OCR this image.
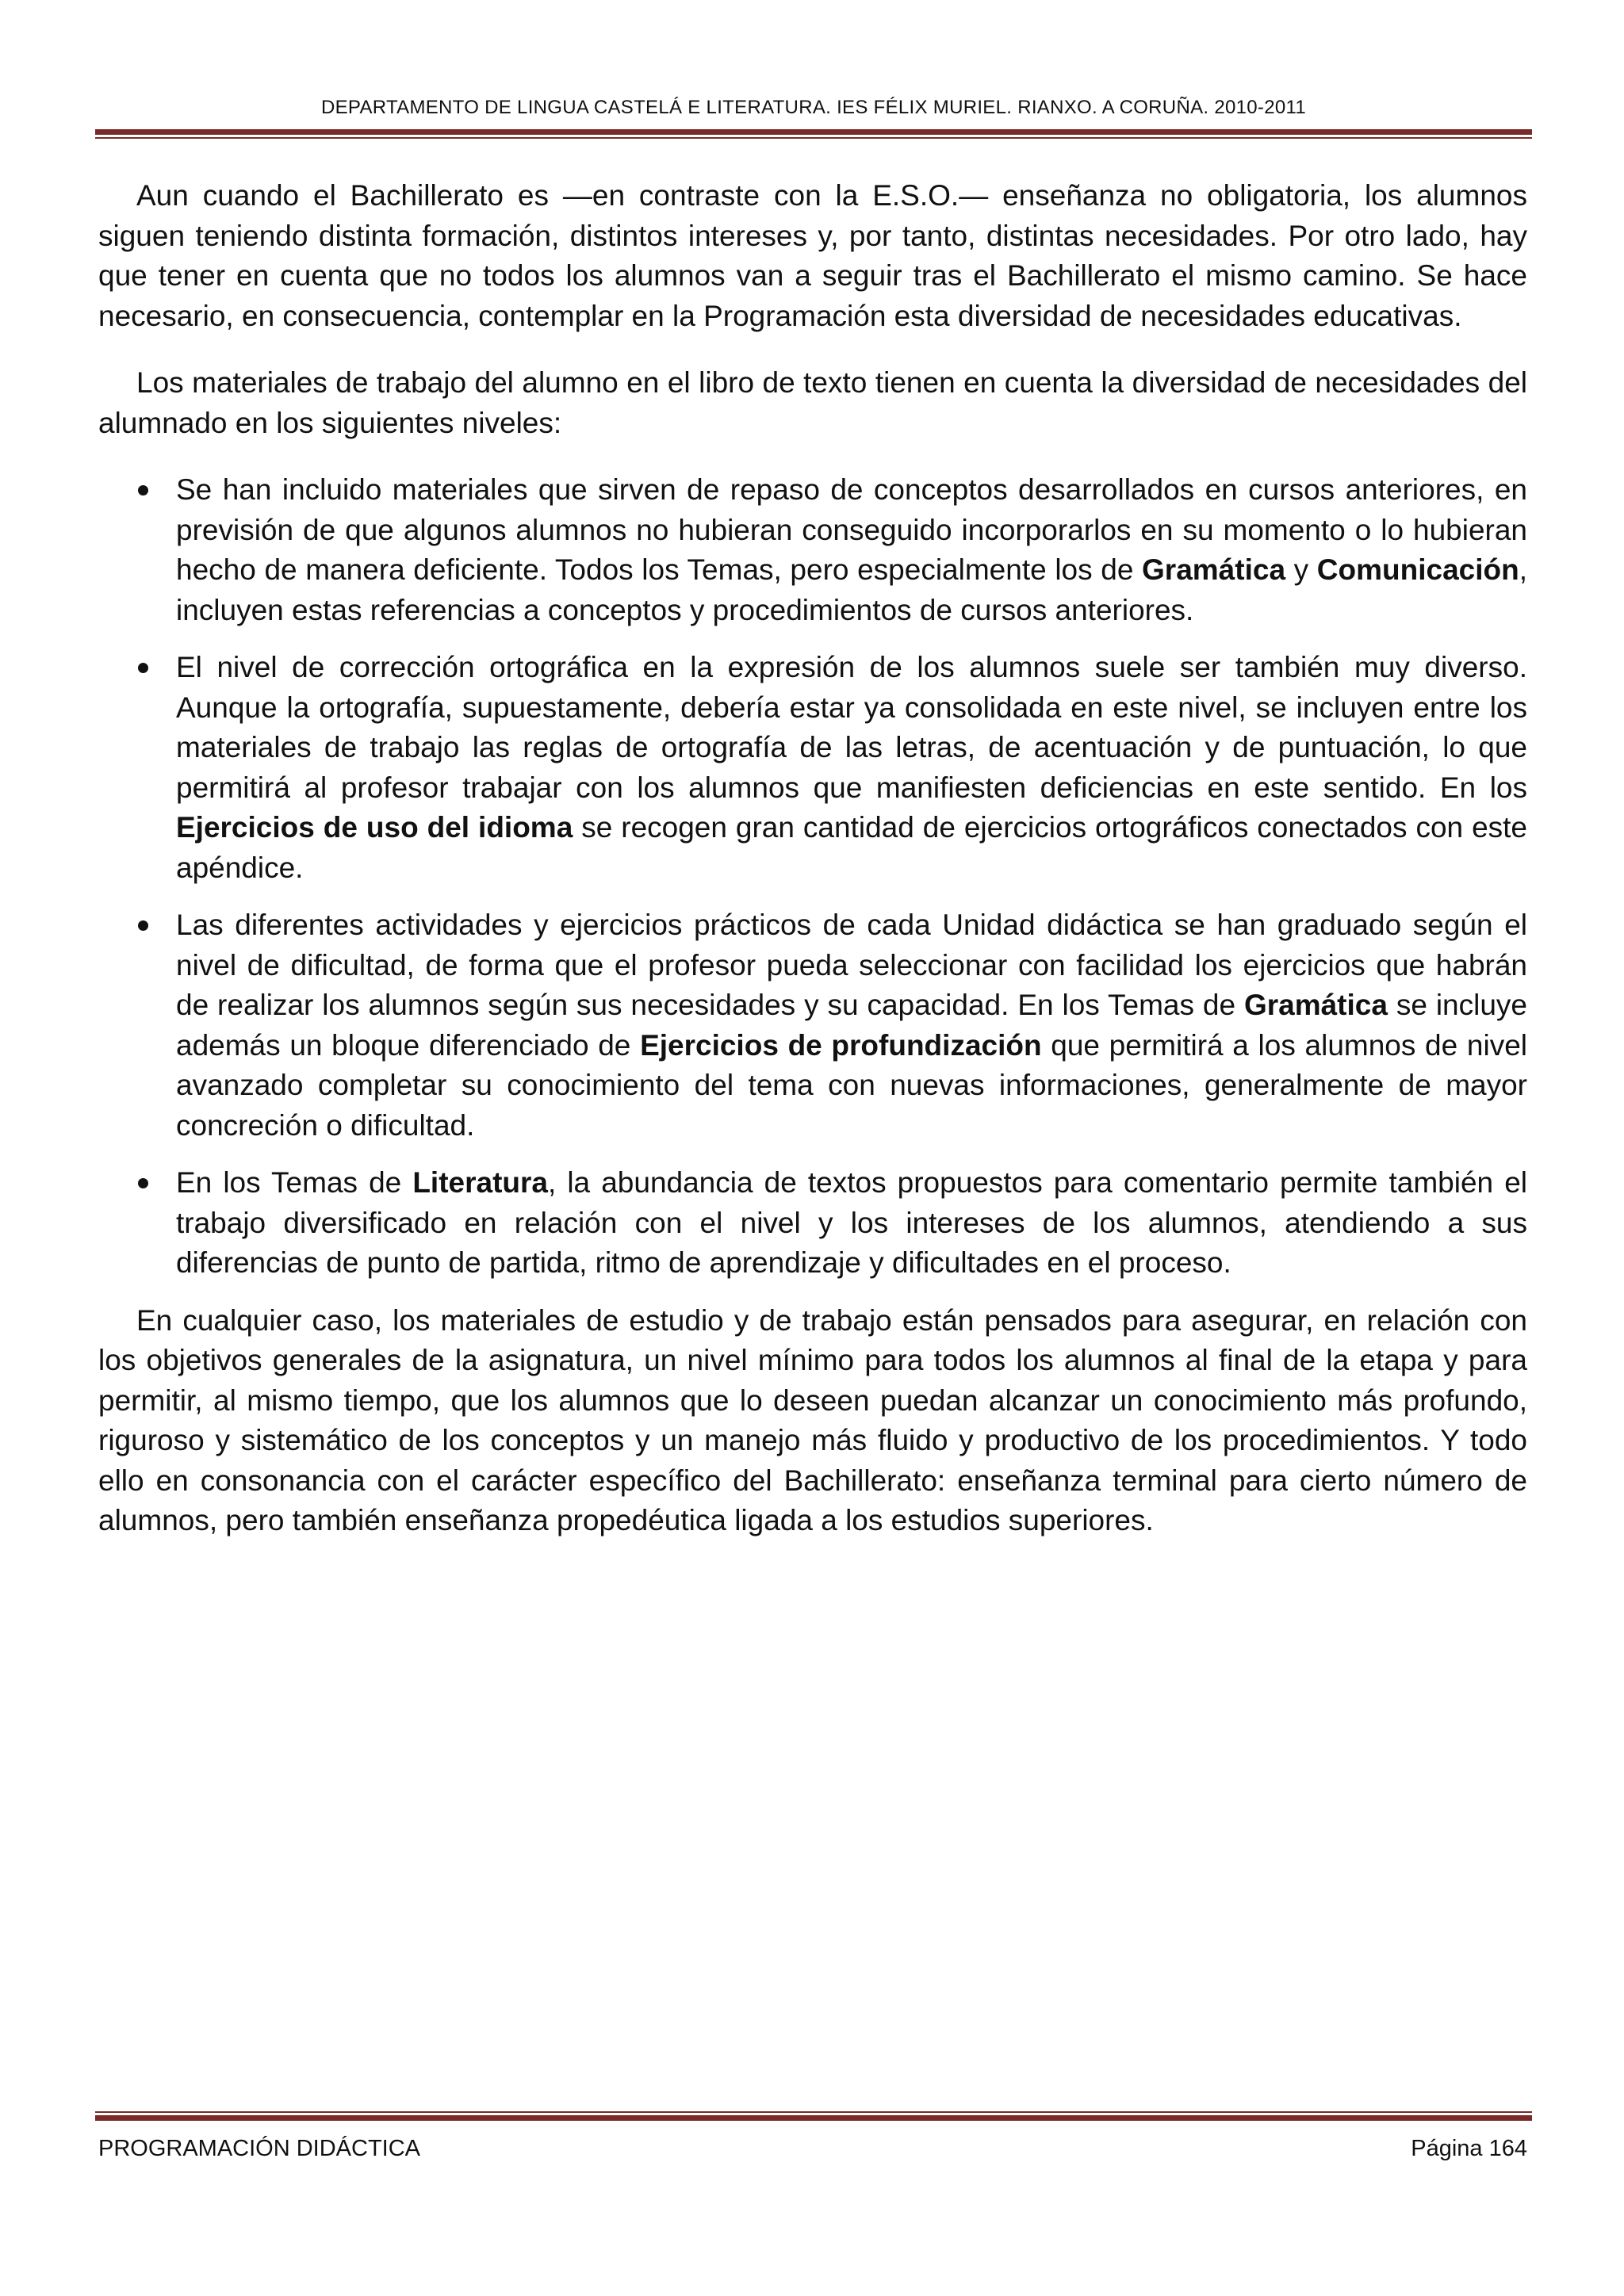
DEPARTAMENTO DE LINGUA CASTELÁ E LITERATURA. IES FÉLIX MURIEL. RIANXO. A CORUÑA. 2010-2011

Aun cuando el Bachillerato es —en contraste con la E.S.O.— enseñanza no obligatoria, los alumnos siguen teniendo distinta formación, distintos intereses y, por tanto, distintas necesidades. Por otro lado, hay que tener en cuenta que no todos los alumnos van a seguir tras el Bachillerato el mismo camino. Se hace necesario, en consecuencia, contemplar en la Programación esta diversidad de necesidades educativas.

Los materiales de trabajo del alumno en el libro de texto tienen en cuenta la diversidad de necesidades del alumnado en los siguientes niveles:

Se han incluido materiales que sirven de repaso de conceptos desarrollados en cursos anteriores, en previsión de que algunos alumnos no hubieran conseguido incorporarlos en su momento o lo hubieran hecho de manera deficiente. Todos los Temas, pero especialmente los de Gramática y Comunicación, incluyen estas referencias a conceptos y procedimientos de cursos anteriores.
El nivel de corrección ortográfica en la expresión de los alumnos suele ser también muy diverso. Aunque la ortografía, supuestamente, debería estar ya consolidada en este nivel, se incluyen entre los materiales de trabajo las reglas de ortografía de las letras, de acentuación y de puntuación, lo que permitirá al profesor trabajar con los alumnos que manifiesten deficiencias en este sentido. En los Ejercicios de uso del idioma se recogen gran cantidad de ejercicios ortográficos conectados con este apéndice.
Las diferentes actividades y ejercicios prácticos de cada Unidad didáctica se han graduado según el nivel de dificultad, de forma que el profesor pueda seleccionar con facilidad los ejercicios que habrán de realizar los alumnos según sus necesidades y su capacidad. En los Temas de Gramática se incluye además un bloque diferenciado de Ejercicios de profundización que permitirá a los alumnos de nivel avanzado completar su conocimiento del tema con nuevas informaciones, generalmente de mayor concreción o dificultad.
En los Temas de Literatura, la abundancia de textos propuestos para comentario permite también el trabajo diversificado en relación con el nivel y los intereses de los alumnos, atendiendo a sus diferencias de punto de partida, ritmo de aprendizaje y dificultades en el proceso.

En cualquier caso, los materiales de estudio y de trabajo están pensados para asegurar, en relación con los objetivos generales de la asignatura, un nivel mínimo para todos los alumnos al final de la etapa y para permitir, al mismo tiempo, que los alumnos que lo deseen puedan alcanzar un conocimiento más profundo, riguroso y sistemático de los conceptos y un manejo más fluido y productivo de los procedimientos. Y todo ello en consonancia con el carácter específico del Bachillerato: enseñanza terminal para cierto número de alumnos, pero también enseñanza propedéutica ligada a los estudios superiores.

PROGRAMACIÓN DIDÁCTICA	Página 164
